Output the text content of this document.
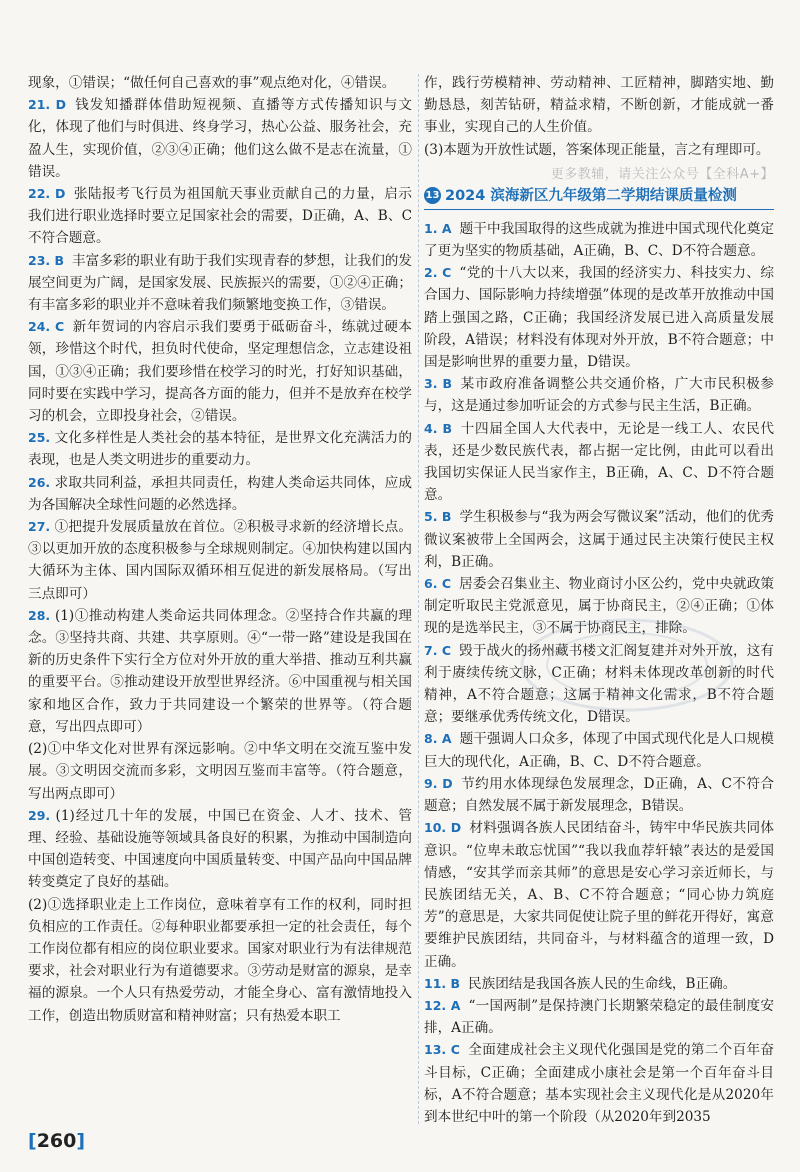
现象，①错误；“做任何自己喜欢的事”观点绝对化，④错误。

21. D 钱发知播群体借助短视频、直播等方式传播知识与文化，体现了他们与时俱进、终身学习，热心公益、服务社会，充盈人生，实现价值，②③④正确；他们这么做不是志在流量，①错误。

22. D 张陆报考飞行员为祖国航天事业贡献自己的力量，启示我们进行职业选择时要立足国家社会的需要，D正确，A、B、C不符合题意。

23. B 丰富多彩的职业有助于我们实现青春的梦想，让我们的发展空间更为广阔，是国家发展、民族振兴的需要，①②④正确；有丰富多彩的职业并不意味着我们频繁地变换工作，③错误。

24. C 新年贺词的内容启示我们要勇于砥砺奋斗，练就过硬本领，珍惜这个时代，担负时代使命，坚定理想信念，立志建设祖国，①③④正确；我们要珍惜在校学习的时光，打好知识基础，同时要在实践中学习，提高各方面的能力，但并不是放弃在校学习的机会，立即投身社会，②错误。

25. 文化多样性是人类社会的基本特征，是世界文化充满活力的表现，也是人类文明进步的重要动力。

26. 求取共同利益，承担共同责任，构建人类命运共同体，应成为各国解决全球性问题的必然选择。

27. ①把提升发展质量放在首位。②积极寻求新的经济增长点。③以更加开放的态度积极参与全球规则制定。④加快构建以国内大循环为主体、国内国际双循环相互促进的新发展格局。（写出三点即可）

28. (1)①推动构建人类命运共同体理念。②坚持合作共赢的理念。③坚持共商、共建、共享原则。④“一带一路”建设是我国在新的历史条件下实行全方位对外开放的重大举措、推动互利共赢的重要平台。⑤推动建设开放型世界经济。⑥中国重视与相关国家和地区合作，致力于共同建设一个繁荣的世界等。（符合题意，写出四点即可）

(2)①中华文化对世界有深远影响。②中华文明在交流互鉴中发展。③文明因交流而多彩，文明因互鉴而丰富等。（符合题意，写出两点即可）

29. (1)经过几十年的发展，中国已在资金、人才、技术、管理、经验、基础设施等领域具备良好的积累，为推动中国制造向中国创造转变、中国速度向中国质量转变、中国产品向中国品牌转变奠定了良好的基础。

(2)①选择职业走上工作岗位，意味着享有工作的权利，同时担负相应的工作责任。②每种职业都要承担一定的社会责任，每个工作岗位都有相应的岗位职业要求。国家对职业行为有法律规范要求，社会对职业行为有道德要求。③劳动是财富的源泉，是幸福的源泉。一个人只有热爱劳动，才能全身心、富有激情地投入工作，创造出物质财富和精神财富；只有热爱本职工

作，践行劳模精神、劳动精神、工匠精神，脚踏实地、勤勤恳恳，刻苦钻研，精益求精，不断创新，才能成就一番事业，实现自己的人生价值。

(3)本题为开放性试题，答案体现正能量，言之有理即可。

更多教辅，请关注公众号【全科A+】

13 2024 滨海新区九年级第二学期结课质量检测

1. A 题干中我国取得的这些成就为推进中国式现代化奠定了更为坚实的物质基础，A正确，B、C、D不符合题意。

2. C “党的十八大以来，我国的经济实力、科技实力、综合国力、国际影响力持续增强”体现的是改革开放推动中国踏上强国之路，C正确；我国经济发展已进入高质量发展阶段，A错误；材料没有体现对外开放，B不符合题意；中国是影响世界的重要力量，D错误。

3. B 某市政府准备调整公共交通价格，广大市民积极参与，这是通过参加听证会的方式参与民主生活，B正确。

4. B 十四届全国人大代表中，无论是一线工人、农民代表，还是少数民族代表，都占据一定比例，由此可以看出我国切实保证人民当家作主，B正确，A、C、D不符合题意。

5. B 学生积极参与“我为两会写微议案”活动，他们的优秀微议案被带上全国两会，这属于通过民主决策行使民主权利，B正确。

6. C 居委会召集业主、物业商讨小区公约，党中央就政策制定听取民主党派意见，属于协商民主，②④正确；①体现的是选举民主，③不属于协商民主，排除。

7. C 毁于战火的扬州藏书楼文汇阁复建并对外开放，这有利于赓续传统文脉，C正确；材料未体现改革创新的时代精神，A不符合题意；这属于精神文化需求，B不符合题意；要继承优秀传统文化，D错误。

8. A 题干强调人口众多，体现了中国式现代化是人口规模巨大的现代化，A正确，B、C、D不符合题意。

9. D 节约用水体现绿色发展理念，D正确，A、C不符合题意；自然发展不属于新发展理念，B错误。

10. D 材料强调各族人民团结奋斗，铸牢中华民族共同体意识。“位卑未敢忘忧国”“我以我血荐轩辕”表达的是爱国情感，“安其学而亲其师”的意思是安心学习亲近师长，与民族团结无关，A、B、C不符合题意；“同心协力筑庭芳”的意思是，大家共同促使让院子里的鲜花开得好，寓意要维护民族团结，共同奋斗，与材料蕴含的道理一致，D正确。

11. B 民族团结是我国各族人民的生命线，B正确。

12. A “一国两制”是保持澳门长期繁荣稳定的最佳制度安排，A正确。

13. C 全面建成社会主义现代化强国是党的第二个百年奋斗目标，C正确；全面建成小康社会是第一个百年奋斗目标，A不符合题意；基本实现社会主义现代化是从2020年到本世纪中叶的第一个阶段（从2020年到2035

[260]
